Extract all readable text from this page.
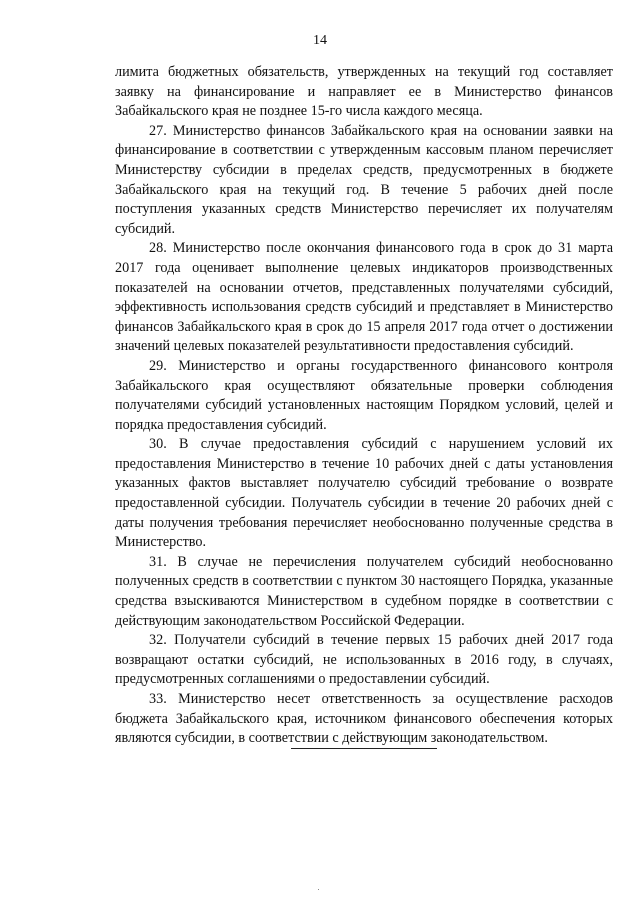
14

лимита бюджетных обязательств, утвержденных на текущий год составляет заявку на финансирование и направляет ее в Министерство финансов Забайкальского края не позднее 15-го числа каждого месяца.

27. Министерство финансов Забайкальского края на основании заявки на финансирование в соответствии с утвержденным кассовым планом перечисляет Министерству субсидии в пределах средств, предусмотренных в бюджете Забайкальского края на текущий год. В течение 5 рабочих дней после поступления указанных средств Министерство перечисляет их получателям субсидий.

28. Министерство после окончания финансового года в срок до 31 марта 2017 года оценивает выполнение целевых индикаторов производственных показателей на основании отчетов, представленных получателями субсидий, эффективность использования средств субсидий и представляет в Министерство финансов Забайкальского края в срок до 15 апреля 2017 года отчет о достижении значений целевых показателей результативности предоставления субсидий.

29. Министерство и органы государственного финансового контроля Забайкальского края осуществляют обязательные проверки соблюдения получателями субсидий установленных настоящим Порядком условий, целей и порядка предоставления субсидий.

30. В случае предоставления субсидий с нарушением условий их предоставления Министерство в течение 10 рабочих дней с даты установления указанных фактов выставляет получателю субсидий требование о возврате предоставленной субсидии. Получатель субсидии в течение 20 рабочих дней с даты получения требования перечисляет необоснованно полученные средства в Министерство.

31. В случае не перечисления получателем субсидий необоснованно полученных средств в соответствии с пунктом 30 настоящего Порядка, указанные средства взыскиваются Министерством в судебном порядке в соответствии с действующим законодательством Российской Федерации.

32. Получатели субсидий в течение первых 15 рабочих дней 2017 года возвращают остатки субсидий, не использованных в 2016 году, в случаях, предусмотренных соглашениями о предоставлении субсидий.

33. Министерство несет ответственность за осуществление расходов бюджета Забайкальского края, источником финансового обеспечения которых являются субсидии, в соответствии с действующим законодательством.
